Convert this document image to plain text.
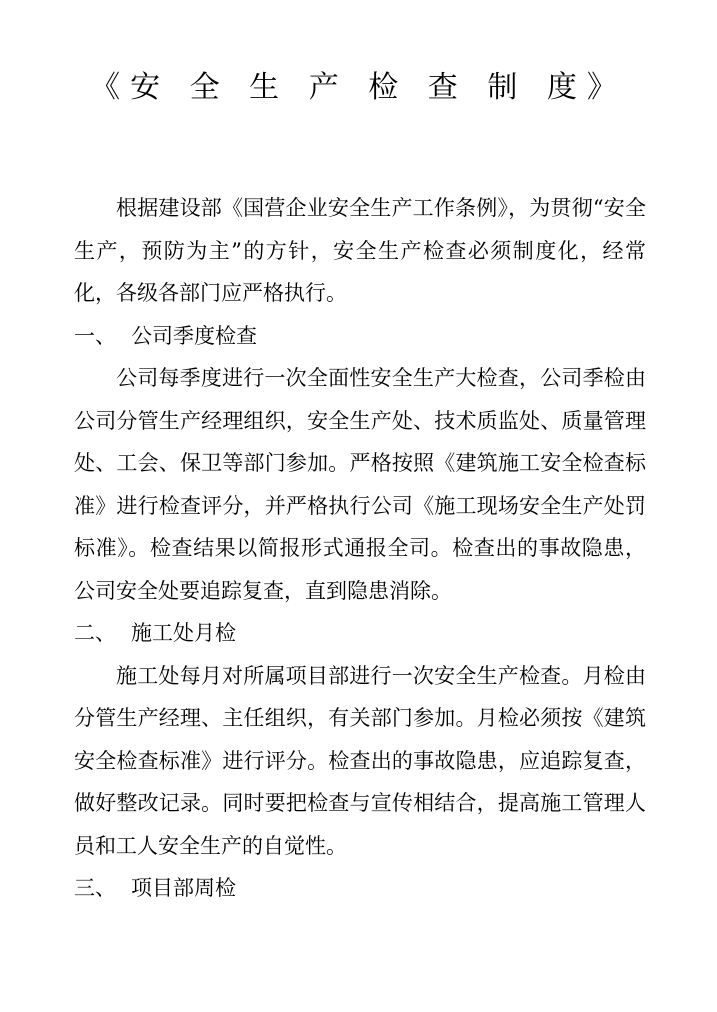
《安 全 生 产 检 查 制 度》

根据建设部《国营企业安全生产工作条例》，为贯彻“安全生产，预防为主”的方针，安全生产检查必须制度化，经常化，各级各部门应严格执行。

一、 公司季度检查

公司每季度进行一次全面性安全生产大检查，公司季检由公司分管生产经理组织，安全生产处、技术质监处、质量管理处、工会、保卫等部门参加。严格按照《建筑施工安全检查标准》进行检查评分，并严格执行公司《施工现场安全生产处罚标准》。检查结果以简报形式通报全司。检查出的事故隐患，公司安全处要追踪复查，直到隐患消除。

二、 施工处月检

施工处每月对所属项目部进行一次安全生产检查。月检由分管生产经理、主任组织，有关部门参加。月检必须按《建筑安全检查标准》进行评分。检查出的事故隐患，应追踪复查，做好整改记录。同时要把检查与宣传相结合，提高施工管理人员和工人安全生产的自觉性。

三、 项目部周检
